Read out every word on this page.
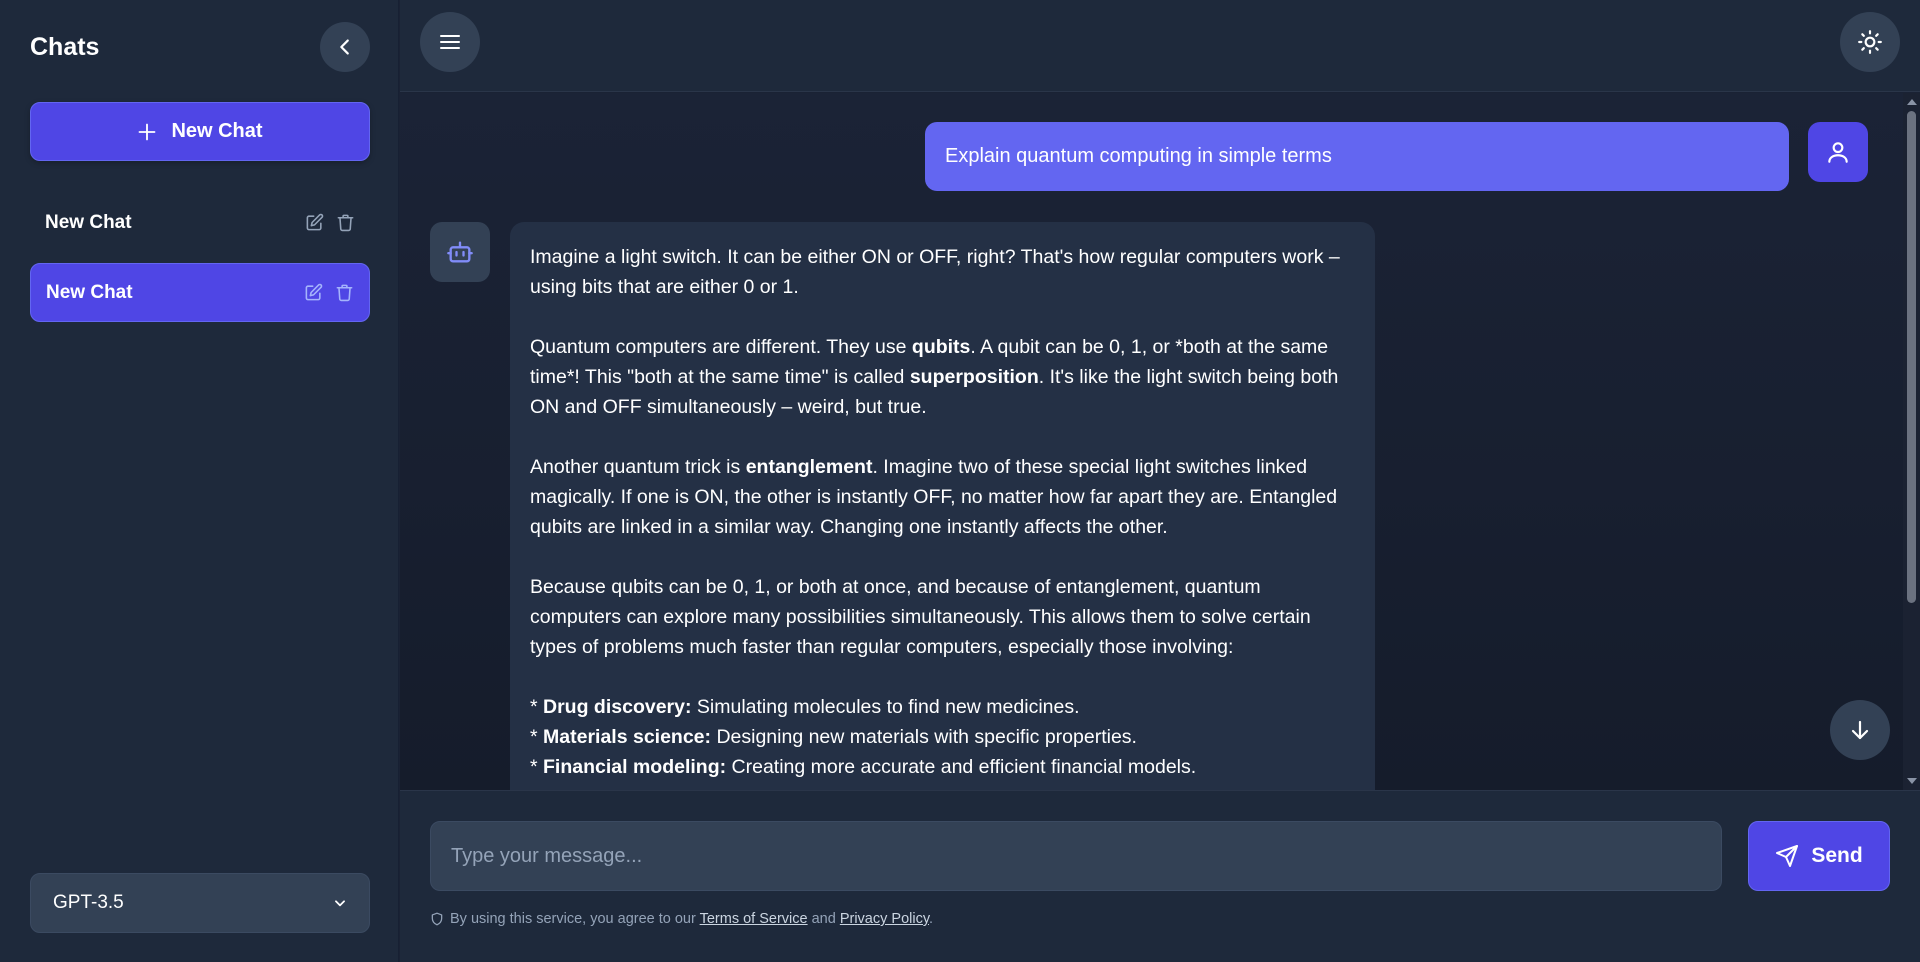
Chats
New Chat
New Chat
New Chat
GPT-3.5
Explain quantum computing in simple terms

Imagine a light switch. It can be either ON or OFF, right? That's how regular computers work – using bits that are either 0 or 1.

Quantum computers are different. They use qubits. A qubit can be 0, 1, or *both at the same time*! This "both at the same time" is called superposition. It's like the light switch being both ON and OFF simultaneously – weird, but true.

Another quantum trick is entanglement. Imagine two of these special light switches linked magically. If one is ON, the other is instantly OFF, no matter how far apart they are. Entangled qubits are linked in a similar way. Changing one instantly affects the other.

Because qubits can be 0, 1, or both at once, and because of entanglement, quantum computers can explore many possibilities simultaneously. This allows them to solve certain types of problems much faster than regular computers, especially those involving:

* Drug discovery: Simulating molecules to find new medicines.
* Materials science: Designing new materials with specific properties.
* Financial modeling: Creating more accurate and efficient financial models.
Type your message...
Send
By using this service, you agree to our Terms of Service and Privacy Policy.
